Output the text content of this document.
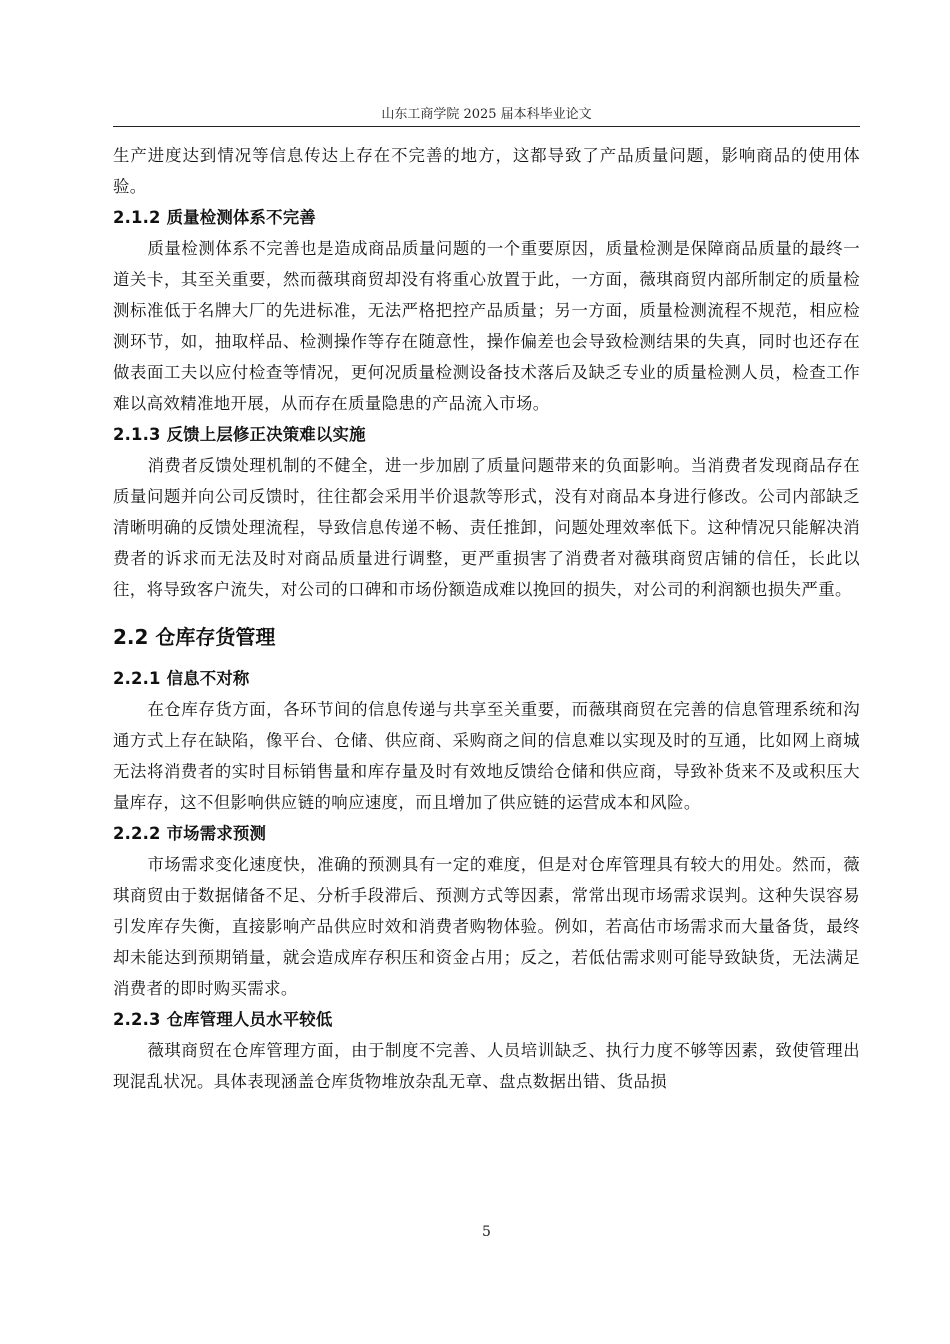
山东工商学院 2025 届本科毕业论文

生产进度达到情况等信息传达上存在不完善的地方，这都导致了产品质量问题，影响商品的使用体验。

2.1.2 质量检测体系不完善

质量检测体系不完善也是造成商品质量问题的一个重要原因，质量检测是保障商品质量的最终一道关卡，其至关重要，然而薇琪商贸却没有将重心放置于此，一方面，薇琪商贸内部所制定的质量检测标准低于名牌大厂的先进标准，无法严格把控产品质量；另一方面，质量检测流程不规范，相应检测环节，如，抽取样品、检测操作等存在随意性，操作偏差也会导致检测结果的失真，同时也还存在做表面工夫以应付检查等情况，更何况质量检测设备技术落后及缺乏专业的质量检测人员，检查工作难以高效精准地开展，从而存在质量隐患的产品流入市场。

2.1.3 反馈上层修正决策难以实施

消费者反馈处理机制的不健全，进一步加剧了质量问题带来的负面影响。当消费者发现商品存在质量问题并向公司反馈时，往往都会采用半价退款等形式，没有对商品本身进行修改。公司内部缺乏清晰明确的反馈处理流程，导致信息传递不畅、责任推卸，问题处理效率低下。这种情况只能解决消费者的诉求而无法及时对商品质量进行调整，更严重损害了消费者对薇琪商贸店铺的信任，长此以往，将导致客户流失，对公司的口碑和市场份额造成难以挽回的损失，对公司的利润额也损失严重。

2.2 仓库存货管理
2.2.1 信息不对称

在仓库存货方面，各环节间的信息传递与共享至关重要，而薇琪商贸在完善的信息管理系统和沟通方式上存在缺陷，像平台、仓储、供应商、采购商之间的信息难以实现及时的互通，比如网上商城无法将消费者的实时目标销售量和库存量及时有效地反馈给仓储和供应商，导致补货来不及或积压大量库存，这不但影响供应链的响应速度，而且增加了供应链的运营成本和风险。

2.2.2 市场需求预测

市场需求变化速度快，准确的预测具有一定的难度，但是对仓库管理具有较大的用处。然而，薇琪商贸由于数据储备不足、分析手段滞后、预测方式等因素，常常出现市场需求误判。这种失误容易引发库存失衡，直接影响产品供应时效和消费者购物体验。例如，若高估市场需求而大量备货，最终却未能达到预期销量，就会造成库存积压和资金占用；反之，若低估需求则可能导致缺货，无法满足消费者的即时购买需求。

2.2.3 仓库管理人员水平较低

薇琪商贸在仓库管理方面，由于制度不完善、人员培训缺乏、执行力度不够等因素，致使管理出现混乱状况。具体表现涵盖仓库货物堆放杂乱无章、盘点数据出错、货品损

5
